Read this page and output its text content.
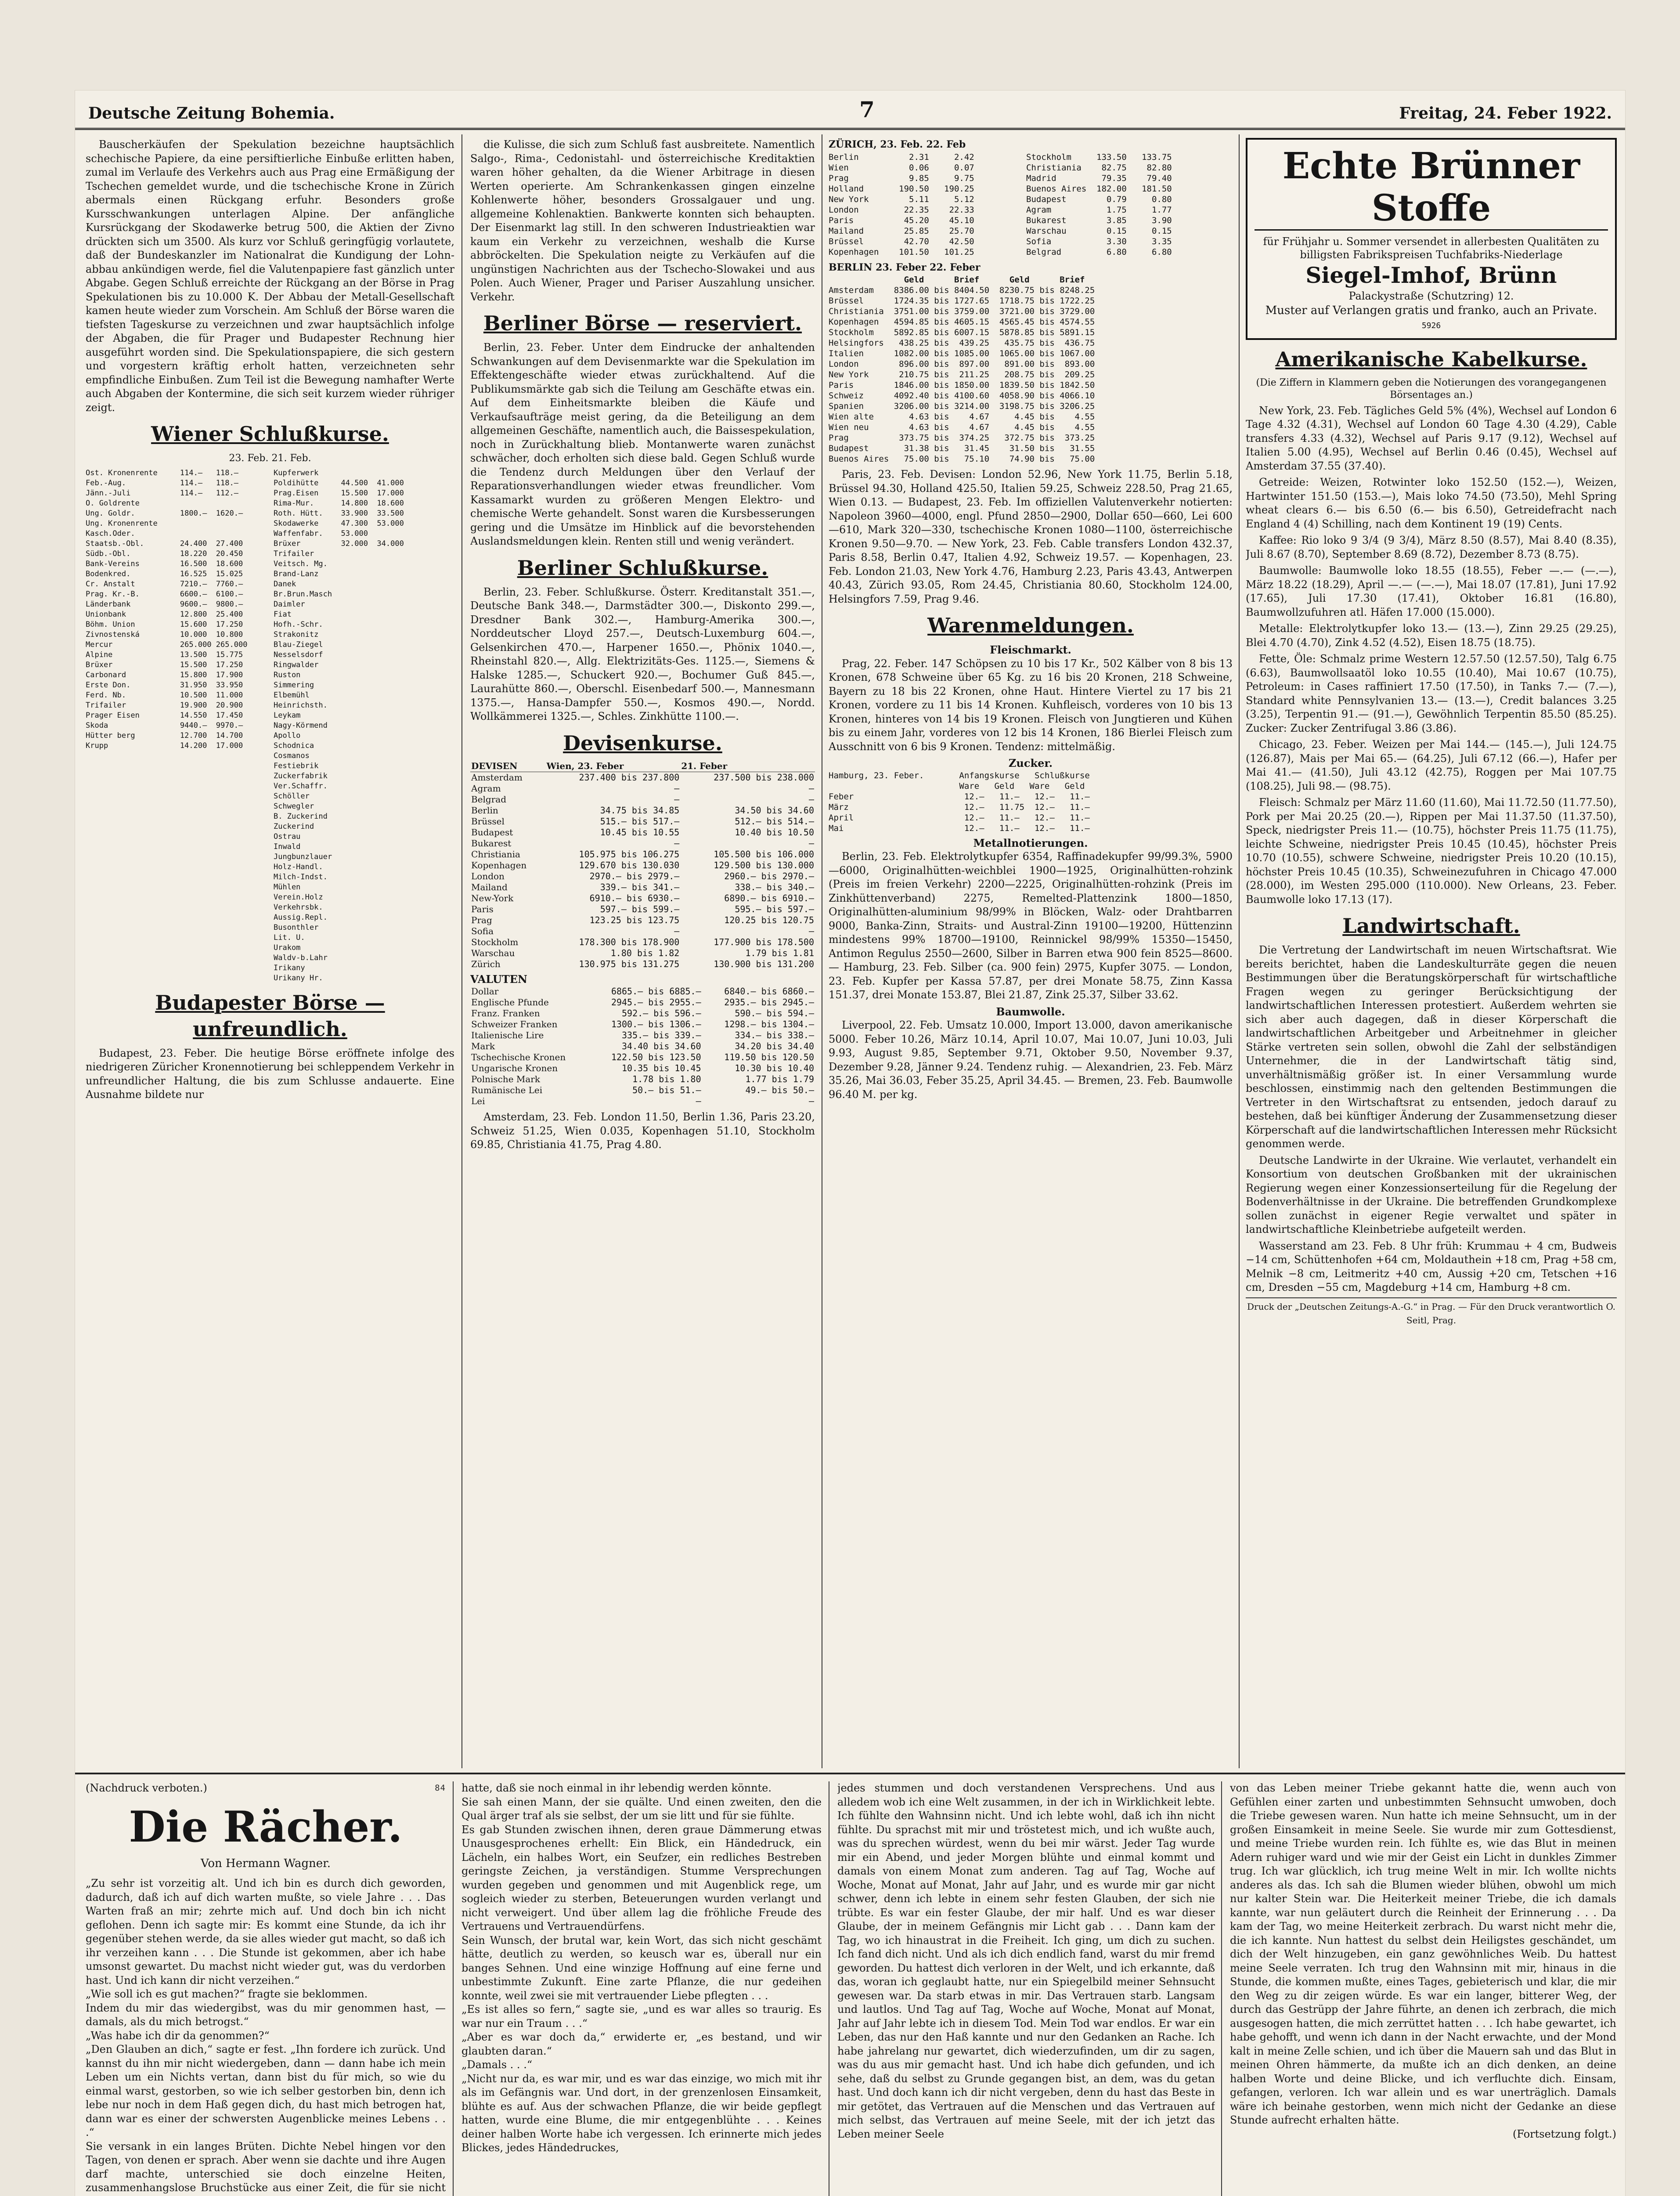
Deutsche Zeitung Bohemia.	7	Freitag, 24. Feber 1922.

Bauscherkäufen der Spekulation bezeichne hauptsächlich schechische Papiere, da eine persiftierliche Einbuße erlitten haben, zumal im Verlaufe des Verkehrs auch aus Prag eine Ermäßigung der Tschechen gemeldet wurde, und die tschechische Krone in Zürich abermals einen Rückgang erfuhr. Besonders große Kursschwankungen unterlagen Alpine. Der anfängliche Kursrückgang der Skodawerke betrug 500, die Aktien der Zivno drückten sich um 3500. Als kurz vor Schluß geringfügig vorlautete, daß der Bundeskanzler im Nationalrat die Kundigung der Lohn-abbau ankündigen werde, fiel die Valutenpapiere fast gänzlich unter Abgabe. Gegen Schluß erreichte der Rückgang an der Börse in Prag Spekulationen bis zu 10.000 K. Der Abbau der Metall-Gesellschaft kamen heute wieder zum Vorschein. Am Schluß der Börse waren die tiefsten Tageskurse zu verzeichnen und zwar hauptsächlich infolge der Abgaben, die für Prager und Budapester Rechnung hier ausgeführt worden sind. Die Spekulationspapiere, die sich gestern und vorgestern kräftig erholt hatten, verzeichneten sehr empfindliche Einbußen. Zum Teil ist die Bewegung namhafter Werte auch Abgaben der Kontermine, die sich seit kurzem wieder rühriger zeigt.

Wiener Schlußkurse.
23. Feb. 21. Feb.
Ost. Kronenrente     114.—   118.—
Feb.-Aug.            114.—   118.—
Jänn.-Juli           114.—   112.—
O. Goldrente
Ung. Goldr.          1800.—  1620.—
Ung. Kronenrente
Kasch.Oder.
Staatsb.-Obl.        24.400  27.400
Südb.-Obl.           18.220  20.450
Bank-Vereins         16.500  18.600
Bodenkred.           16.525  15.025
Cr. Anstalt          7210.—  7760.—
Prag. Kr.-B.         6600.—  6100.—
Länderbank           9600.—  9800.—
Unionbank            12.800  25.400
Böhm. Union          15.600  17.250
Zivnostenská         10.000  10.800
Mercur               265.000 265.000
Alpine               13.500  15.775
Brüxer               15.500  17.250
Carbonard            15.800  17.900
Erste Don.           31.950  33.950
Ferd. Nb.            10.500  11.000
Trifailer            19.900  20.900
Prager Eisen         14.550  17.450
Skoda                9440.—  9970.—
Hütter berg          12.700  14.700
Krupp                14.200  17.000
Kupferwerk
Poldihütte     44.500  41.000
Prag.Eisen     15.500  17.000
Rima-Mur.      14.800  18.600
Roth. Hütt.    33.900  33.500
Skodawerke     47.300  53.000
Waffenfabr.    53.000
Brüxer         32.000  34.000
Trifailer
Veitsch. Mg.
Brand-Lanz
Danek
Br.Brun.Masch
Daimler
Fiat
Hofh.-Schr.
Strakonitz
Blau-Ziegel
Nesselsdorf
Ringwalder
Ruston
Simmering
Elbemühl
Heinrichsth.
Leykam
Nagy-Körmend
Apollo
Schodnica
Cosmanos
Festiebrik
Zuckerfabrik
Ver.Schaffr.
Schöller
Schwegler
B. Zuckerind
Zuckerind
Ostrau
Inwald
Jungbunzlauer
Holz-Handl.
Milch-Indst.
Mühlen
Verein.Holz
Verkehrsbk.
Aussig.Repl.
Busonthler
Lit. U.
Urakom
Waldv-b.Lahr
Irikany
Urikany Hr.
Budapester Börse — unfreundlich.

Budapest, 23. Feber. Die heutige Börse eröffnete infolge des niedrigeren Züricher Kronennotierung bei schleppendem Verkehr in unfreundlicher Haltung, die bis zum Schlusse andauerte. Eine Ausnahme bildete nur

die Kulisse, die sich zum Schluß fast ausbreitete. Namentlich Salgo-, Rima-, Cedonistahl- und österreichische Kreditaktien waren höher gehalten, da die Wiener Arbitrage in diesen Werten operierte. Am Schrankenkassen gingen einzelne Kohlenwerte höher, besonders Grossalgauer und ung. allgemeine Kohlenaktien. Bankwerte konnten sich behaupten. Der Eisenmarkt lag still. In den schweren Industrieaktien war kaum ein Verkehr zu verzeichnen, weshalb die Kurse abbröckelten. Die Spekulation neigte zu Verkäufen auf die ungünstigen Nachrichten aus der Tschecho-Slowakei und aus Polen. Auch Wiener, Prager und Pariser Auszahlung unsicher. Verkehr.

Berliner Börse — reserviert.

Berlin, 23. Feber. Unter dem Eindrucke der anhaltenden Schwankungen auf dem Devisenmarkte war die Spekulation im Effektengeschäfte wieder etwas zurückhaltend. Auf die Publikumsmärkte gab sich die Teilung am Geschäfte etwas ein. Auf dem Einheitsmarkte bleiben die Käufe und Verkaufsaufträge meist gering, da die Beteiligung an dem allgemeinen Geschäfte, namentlich auch, die Baissespekulation, noch in Zurückhaltung blieb. Montanwerte waren zunächst schwächer, doch erholten sich diese bald. Gegen Schluß wurde die Tendenz durch Meldungen über den Verlauf der Reparationsverhandlungen wieder etwas freundlicher. Vom Kassamarkt wurden zu größeren Mengen Elektro- und chemische Werte gehandelt. Sonst waren die Kursbesserungen gering und die Umsätze im Hinblick auf die bevorstehenden Auslandsmeldungen klein. Renten still und wenig verändert.

Berliner Schlußkurse.

Berlin, 23. Feber. Schlußkurse. Österr. Kreditanstalt 351.—, Deutsche Bank 348.—, Darmstädter 300.—, Diskonto 299.—, Dresdner Bank 302.—, Hamburg-Amerika 300.—, Norddeutscher Lloyd 257.—, Deutsch-Luxemburg 604.—, Gelsenkirchen 470.—, Harpener 1650.—, Phönix 1040.—, Rheinstahl 820.—, Allg. Elektrizitäts-Ges. 1125.—, Siemens & Halske 1285.—, Schuckert 920.—, Bochumer Guß 845.—, Laurahütte 860.—, Oberschl. Eisenbedarf 500.—, Mannesmann 1375.—, Hansa-Dampfer 550.—, Kosmos 490.—, Nordd. Wollkämmerei 1325.—, Schles. Zinkhütte 1100.—.

Devisenkurse.
DEVISEN	Wien, 23. Feber	21. Feber
Amsterdam	237.400 bis 237.800	237.500 bis 238.000
Agram	—	—
Belgrad	—	—
Berlin	34.75 bis 34.85	34.50 bis 34.60
Brüssel	515.— bis 517.—	512.— bis 514.—
Budapest	10.45 bis 10.55	10.40 bis 10.50
Bukarest	—	—
Christiania	105.975 bis 106.275	105.500 bis 106.000
Kopenhagen	129.670 bis 130.030	129.500 bis 130.000
London	2970.— bis 2979.—	2960.— bis 2970.—
Mailand	339.— bis 341.—	338.— bis 340.—
New-York	6910.— bis 6930.—	6890.— bis 6910.—
Paris	597.— bis 599.—	595.— bis 597.—
Prag	123.25 bis 123.75	120.25 bis 120.75
Sofia	—	—
Stockholm	178.300 bis 178.900	177.900 bis 178.500
Warschau	1.80 bis 1.82	1.79 bis 1.81
Zürich	130.975 bis 131.275	130.900 bis 131.200
VALUTEN
Dollar	6865.— bis 6885.—	6840.— bis 6860.—
Englische Pfunde	2945.— bis 2955.—	2935.— bis 2945.—
Franz. Franken	592.— bis 596.—	590.— bis 594.—
Schweizer Franken	1300.— bis 1306.—	1298.— bis 1304.—
Italienische Lire	335.— bis 339.—	334.— bis 338.—
Mark	34.40 bis 34.60	34.20 bis 34.40
Tschechische Kronen	122.50 bis 123.50	119.50 bis 120.50
Ungarische Kronen	10.35 bis 10.45	10.30 bis 10.40
Polnische Mark	1.78 bis 1.80	1.77 bis 1.79
Rumänische Lei	50.— bis 51.—	49.— bis 50.—
Lei	—	—

Amsterdam, 23. Feb. London 11.50, Berlin 1.36, Paris 23.20, Schweiz 51.25, Wien 0.035, Kopenhagen 51.10, Stockholm 69.85, Christiania 41.75, Prag 4.80.

ZÜRICH, 23. Feb. 22. Feb
Berlin          2.31     2.42
Wien            0.06     0.07
Prag            9.85     9.75
Holland       190.50   190.25
New York        5.11     5.12
London         22.35    22.33
Paris          45.20    45.10
Mailand        25.85    25.70
Brüssel        42.70    42.50
Kopenhagen    101.50   101.25
Stockholm     133.50   133.75
Christiania    82.75    82.80
Madrid         79.35    79.40
Buenos Aires  182.00   181.50
Budapest        0.79     0.80
Agram           1.75     1.77
Bukarest        3.85     3.90
Warschau        0.15     0.15
Sofia           3.30     3.35
Belgrad         6.80     6.80
BERLIN 23. Feber 22. Feber
Geld      Brief      Geld      Brief
Amsterdam    8386.00 bis 8404.50  8230.75 bis 8248.25
Brüssel      1724.35 bis 1727.65  1718.75 bis 1722.25
Christiania  3751.00 bis 3759.00  3721.00 bis 3729.00
Kopenhagen   4594.85 bis 4605.15  4565.45 bis 4574.55
Stockholm    5892.85 bis 6007.15  5878.85 bis 5891.15
Helsingfors   438.25 bis  439.25   435.75 bis  436.75
Italien      1082.00 bis 1085.00  1065.00 bis 1067.00
London        896.00 bis  897.00   891.00 bis  893.00
New York      210.75 bis  211.25   208.75 bis  209.25
Paris        1846.00 bis 1850.00  1839.50 bis 1842.50
Schweiz      4092.40 bis 4100.60  4058.90 bis 4066.10
Spanien      3206.00 bis 3214.00  3198.75 bis 3206.25
Wien alte       4.63 bis    4.67     4.45 bis    4.55
Wien neu        4.63 bis    4.67     4.45 bis    4.55
Prag          373.75 bis  374.25   372.75 bis  373.25
Budapest       31.38 bis   31.45    31.50 bis   31.55
Buenos Aires   75.00 bis   75.10    74.90 bis   75.00

Paris, 23. Feb. Devisen: London 52.96, New York 11.75, Berlin 5.18, Brüssel 94.30, Holland 425.50, Italien 59.25, Schweiz 228.50, Prag 21.65, Wien 0.13. — Budapest, 23. Feb. Im offiziellen Valutenverkehr notierten: Napoleon 3960—4000, engl. Pfund 2850—2900, Dollar 650—660, Lei 600—610, Mark 320—330, tschechische Kronen 1080—1100, österreichische Kronen 9.50—9.70. — New York, 23. Feb. Cable transfers London 432.37, Paris 8.58, Berlin 0.47, Italien 4.92, Schweiz 19.57. — Kopenhagen, 23. Feb. London 21.03, New York 4.76, Hamburg 2.23, Paris 43.43, Antwerpen 40.43, Zürich 93.05, Rom 24.45, Christiania 80.60, Stockholm 124.00, Helsingfors 7.59, Prag 9.46.

Warenmeldungen.
Fleischmarkt.

Prag, 22. Feber. 147 Schöpsen zu 10 bis 17 Kr., 502 Kälber von 8 bis 13 Kronen, 678 Schweine über 65 Kg. zu 16 bis 20 Kronen, 218 Schweine, Bayern zu 18 bis 22 Kronen, ohne Haut. Hintere Viertel zu 17 bis 21 Kronen, vordere zu 11 bis 14 Kronen. Kuhfleisch, vorderes von 10 bis 13 Kronen, hinteres von 14 bis 19 Kronen. Fleisch von Jungtieren und Kühen bis zu einem Jahr, vorderes von 12 bis 14 Kronen, 186 Bierlei Fleisch zum Ausschnitt von 6 bis 9 Kronen. Tendenz: mittelmäßig.

Zucker.
Hamburg, 23. Feber.       Anfangskurse   Schlußkurse
Ware   Geld   Ware   Geld
Feber                      12.—   11.—   12.—   11.—
März                       12.—   11.75  12.—   11.—
April                      12.—   11.—   12.—   11.—
Mai                        12.—   11.—   12.—   11.—
Metallnotierungen.

Berlin, 23. Feb. Elektrolytkupfer 6354, Raffinadekupfer 99/99.3%, 5900—6000, Originalhütten-weichblei 1900—1925, Originalhütten-rohzink (Preis im freien Verkehr) 2200—2225, Originalhütten-rohzink (Preis im Zinkhüttenverband) 2275, Remelted-Plattenzink 1800—1850, Originalhütten-aluminium 98/99% in Blöcken, Walz- oder Drahtbarren 9000, Banka-Zinn, Straits- und Austral-Zinn 19100—19200, Hüttenzinn mindestens 99% 18700—19100, Reinnickel 98/99% 15350—15450, Antimon Regulus 2550—2600, Silber in Barren etwa 900 fein 8525—8600. — Hamburg, 23. Feb. Silber (ca. 900 fein) 2975, Kupfer 3075. — London, 23. Feb. Kupfer per Kassa 57.87, per drei Monate 58.75, Zinn Kassa 151.37, drei Monate 153.87, Blei 21.87, Zink 25.37, Silber 33.62.

Baumwolle.

Liverpool, 22. Feb. Umsatz 10.000, Import 13.000, davon amerikanische 5000. Feber 10.26, März 10.14, April 10.07, Mai 10.07, Juni 10.03, Juli 9.93, August 9.85, September 9.71, Oktober 9.50, November 9.37, Dezember 9.28, Jänner 9.24. Tendenz ruhig. — Alexandrien, 23. Feb. März 35.26, Mai 36.03, Feber 35.25, April 34.45. — Bremen, 23. Feb. Baumwolle 96.40 M. per kg.

Echte Brünner Stoffe
für Frühjahr u. Sommer versendet in allerbesten Qualitäten zu billigsten Fabrikspreisen Tuchfabriks-Niederlage
Siegel-Imhof, Brünn
Palackystraße (Schutzring) 12.
Muster auf Verlangen gratis und franko, auch an Private. 5926
Amerikanische Kabelkurse.
(Die Ziffern in Klammern geben die Notierungen des vorangegangenen Börsentages an.)

New York, 23. Feb. Tägliches Geld 5% (4%), Wechsel auf London 6 Tage 4.32 (4.31), Wechsel auf London 60 Tage 4.30 (4.29), Cable transfers 4.33 (4.32), Wechsel auf Paris 9.17 (9.12), Wechsel auf Italien 5.00 (4.95), Wechsel auf Berlin 0.46 (0.45), Wechsel auf Amsterdam 37.55 (37.40).

Getreide: Weizen, Rotwinter loko 152.50 (152.—), Weizen, Hartwinter 151.50 (153.—), Mais loko 74.50 (73.50), Mehl Spring wheat clears 6.— bis 6.50 (6.— bis 6.50), Getreidefracht nach England 4 (4) Schilling, nach dem Kontinent 19 (19) Cents.

Kaffee: Rio loko 9 3/4 (9 3/4), März 8.50 (8.57), Mai 8.40 (8.35), Juli 8.67 (8.70), September 8.69 (8.72), Dezember 8.73 (8.75).

Baumwolle: Baumwolle loko 18.55 (18.55), Feber —.— (—.—), März 18.22 (18.29), April —.— (—.—), Mai 18.07 (17.81), Juni 17.92 (17.65), Juli 17.30 (17.41), Oktober 16.81 (16.80), Baumwollzufuhren atl. Häfen 17.000 (15.000).

Metalle: Elektrolytkupfer loko 13.— (13.—), Zinn 29.25 (29.25), Blei 4.70 (4.70), Zink 4.52 (4.52), Eisen 18.75 (18.75).

Fette, Öle: Schmalz prime Western 12.57.50 (12.57.50), Talg 6.75 (6.63), Baumwollsaatöl loko 10.55 (10.40), Mai 10.67 (10.75), Petroleum: in Cases raffiniert 17.50 (17.50), in Tanks 7.— (7.—), Standard white Pennsylvanien 13.— (13.—), Credit balances 3.25 (3.25), Terpentin 91.— (91.—), Gewöhnlich Terpentin 85.50 (85.25). Zucker: Zucker Zentrifugal 3.86 (3.86).

Chicago, 23. Feber. Weizen per Mai 144.— (145.—), Juli 124.75 (126.87), Mais per Mai 65.— (64.25), Juli 67.12 (66.—), Hafer per Mai 41.— (41.50), Juli 43.12 (42.75), Roggen per Mai 107.75 (108.25), Juli 98.— (98.75).

Fleisch: Schmalz per März 11.60 (11.60), Mai 11.72.50 (11.77.50), Pork per Mai 20.25 (20.—), Rippen per Mai 11.37.50 (11.37.50), Speck, niedrigster Preis 11.— (10.75), höchster Preis 11.75 (11.75), leichte Schweine, niedrigster Preis 10.45 (10.45), höchster Preis 10.70 (10.55), schwere Schweine, niedrigster Preis 10.20 (10.15), höchster Preis 10.45 (10.35), Schweinezufuhren in Chicago 47.000 (28.000), im Westen 295.000 (110.000). New Orleans, 23. Feber. Baumwolle loko 17.13 (17).

Landwirtschaft.

Die Vertretung der Landwirtschaft im neuen Wirtschaftsrat. Wie bereits berichtet, haben die Landeskulturräte gegen die neuen Bestimmungen über die Beratungskörperschaft für wirtschaftliche Fragen wegen zu geringer Berücksichtigung der landwirtschaftlichen Interessen protestiert. Außerdem wehrten sie sich aber auch dagegen, daß in dieser Körperschaft die landwirtschaftlichen Arbeitgeber und Arbeitnehmer in gleicher Stärke vertreten sein sollen, obwohl die Zahl der selbständigen Unternehmer, die in der Landwirtschaft tätig sind, unverhältnismäßig größer ist. In einer Versammlung wurde beschlossen, einstimmig nach den geltenden Bestimmungen die Vertreter in den Wirtschaftsrat zu entsenden, jedoch darauf zu bestehen, daß bei künftiger Änderung der Zusammensetzung dieser Körperschaft auf die landwirtschaftlichen Interessen mehr Rücksicht genommen werde.

Deutsche Landwirte in der Ukraine. Wie verlautet, verhandelt ein Konsortium von deutschen Großbanken mit der ukrainischen Regierung wegen einer Konzessionserteilung für die Regelung der Bodenverhältnisse in der Ukraine. Die betreffenden Grundkomplexe sollen zunächst in eigener Regie verwaltet und später in landwirtschaftliche Kleinbetriebe aufgeteilt werden.

Wasserstand am 23. Feb. 8 Uhr früh: Krummau + 4 cm, Budweis −14 cm, Schüttenhofen +64 cm, Moldauthein +18 cm, Prag +58 cm, Melnik −8 cm, Leitmeritz +40 cm, Aussig +20 cm, Tetschen +16 cm, Dresden −55 cm, Magdeburg +14 cm, Hamburg +8 cm.

Druck der „Deutschen Zeitungs-A.-G.“ in Prag. — Für den Druck verantwortlich O. Seitl, Prag.
(Nachdruck verboten.)	84
Die Rächer.
Von Hermann Wagner.
„Zu sehr ist vorzeitig alt. Und ich bin es durch dich geworden, dadurch, daß ich auf dich warten mußte, so viele Jahre . . . Das Warten fraß an mir; zehrte mich auf. Und doch bin ich nicht geflohen. Denn ich sagte mir: Es kommt eine Stunde, da ich ihr gegenüber stehen werde, da sie alles wieder gut macht, so daß ich ihr verzeihen kann . . . Die Stunde ist gekommen, aber ich habe umsonst gewartet. Du machst nicht wieder gut, was du verdorben hast. Und ich kann dir nicht verzeihen.“
„Wie soll ich es gut machen?“ fragte sie beklommen.
Indem du mir das wiedergibst, was du mir genommen hast, — damals, als du mich betrogst.“
„Was habe ich dir da genommen?“
„Den Glauben an dich,“ sagte er fest. „Ihn fordere ich zurück. Und kannst du ihn mir nicht wiedergeben, dann — dann habe ich mein Leben um ein Nichts vertan, dann bist du für mich, so wie du einmal warst, gestorben, so wie ich selber gestorben bin, denn ich lebe nur noch in dem Haß gegen dich, du hast mich betrogen hat, dann war es einer der schwersten Augenblicke meines Lebens . . .“
Sie versank in ein langes Brüten. Dichte Nebel hingen vor den Tagen, von denen er sprach. Aber wenn sie dachte und ihre Augen darf machte, unterschied sie doch einzelne Heiten, zusammenhangslose Bruchstücke aus einer Zeit, die für sie nicht
hatte, daß sie noch einmal in ihr lebendig werden könnte.
Sie sah einen Mann, der sie quälte. Und einen zweiten, den die Qual ärger traf als sie selbst, der um sie litt und für sie fühlte.
Es gab Stunden zwischen ihnen, deren graue Dämmerung etwas Unausgesprochenes erhellt: Ein Blick, ein Händedruck, ein Lächeln, ein halbes Wort, ein Seufzer, ein redliches Bestreben geringste Zeichen, ja verständigen. Stumme Versprechungen wurden gegeben und genommen und mit Augenblick rege, um sogleich wieder zu sterben, Beteuerungen wurden verlangt und nicht verweigert. Und über allem lag die fröhliche Freude des Vertrauens und Vertrauendürfens.
Sein Wunsch, der brutal war, kein Wort, das sich nicht geschämt hätte, deutlich zu werden, so keusch war es, überall nur ein banges Sehnen. Und eine winzige Hoffnung auf eine ferne und unbestimmte Zukunft. Eine zarte Pflanze, die nur gedeihen konnte, weil zwei sie mit vertrauender Liebe pflegten . . .
„Es ist alles so fern,“ sagte sie, „und es war alles so traurig. Es war nur ein Traum . . .“
„Aber es war doch da,“ erwiderte er, „es bestand, und wir glaubten daran.“
„Damals . . .“
„Nicht nur da, es war mir, und es war das einzige, wo mich mit ihr als im Gefängnis war. Und dort, in der grenzenlosen Einsamkeit, blühte es auf. Aus der schwachen Pflanze, die wir beide gepflegt hatten, wurde eine Blume, die mir entgegenblühte . . . Keines deiner halben Worte habe ich vergessen. Ich erinnerte mich jedes Blickes, jedes Händedruckes,
jedes stummen und doch verstandenen Versprechens. Und aus alledem wob ich eine Welt zusammen, in der ich in Wirklichkeit lebte. Ich fühlte den Wahnsinn nicht. Und ich lebte wohl, daß ich ihn nicht fühlte. Du sprachst mit mir und tröstetest mich, und ich wußte auch, was du sprechen würdest, wenn du bei mir wärst. Jeder Tag wurde mir ein Abend, und jeder Morgen blühte und einmal kommt und damals von einem Monat zum anderen. Tag auf Tag, Woche auf Woche, Monat auf Monat, Jahr auf Jahr, und es wurde mir gar nicht schwer, denn ich lebte in einem sehr festen Glauben, der sich nie trübte. Es war ein fester Glaube, der mir half. Und es war dieser Glaube, der in meinem Gefängnis mir Licht gab . . . Dann kam der Tag, wo ich hinaustrat in die Freiheit. Ich ging, um dich zu suchen. Ich fand dich nicht. Und als ich dich endlich fand, warst du mir fremd geworden. Du hattest dich verloren in der Welt, und ich erkannte, daß das, woran ich geglaubt hatte, nur ein Spiegelbild meiner Sehnsucht gewesen war. Da starb etwas in mir. Das Vertrauen starb. Langsam und lautlos. Und Tag auf Tag, Woche auf Woche, Monat auf Monat, Jahr auf Jahr lebte ich in diesem Tod. Mein Tod war endlos. Er war ein Leben, das nur den Haß kannte und nur den Gedanken an Rache. Ich habe jahrelang nur gewartet, dich wiederzufinden, um dir zu sagen, was du aus mir gemacht hast. Und ich habe dich gefunden, und ich sehe, daß du selbst zu Grunde gegangen bist, an dem, was du getan hast. Und doch kann ich dir nicht vergeben, denn du hast das Beste in mir getötet, das Vertrauen auf die Menschen und das Vertrauen auf mich selbst, das Vertrauen auf meine Seele, mit der ich jetzt das Leben meiner Seele
von das Leben meiner Triebe gekannt hatte die, wenn auch von Gefühlen einer zarten und unbestimmten Sehnsucht umwoben, doch die Triebe gewesen waren. Nun hatte ich meine Sehnsucht, um in der großen Einsamkeit in meine Seele. Sie wurde mir zum Gottesdienst, und meine Triebe wurden rein. Ich fühlte es, wie das Blut in meinen Adern ruhiger ward und wie mir der Geist ein Licht in dunkles Zimmer trug. Ich war glücklich, ich trug meine Welt in mir. Ich wollte nichts anderes als das. Ich sah die Blumen wieder blühen, obwohl um mich nur kalter Stein war. Die Heiterkeit meiner Triebe, die ich damals kannte, war nun geläutert durch die Reinheit der Erinnerung . . . Da kam der Tag, wo meine Heiterkeit zerbrach. Du warst nicht mehr die, die ich kannte. Nun hattest du selbst dein Heiligstes geschändet, um dich der Welt hinzugeben, ein ganz gewöhnliches Weib. Du hattest meine Seele verraten. Ich trug den Wahnsinn mit mir, hinaus in die Stunde, die kommen mußte, eines Tages, gebieterisch und klar, die mir den Weg zu dir zeigen würde. Es war ein langer, bitterer Weg, der durch das Gestrüpp der Jahre führte, an denen ich zerbrach, die mich ausgesogen hatten, die mich zerrüttet hatten . . . Ich habe gewartet, ich habe gehofft, und wenn ich dann in der Nacht erwachte, und der Mond kalt in meine Zelle schien, und ich über die Mauern sah und das Blut in meinen Ohren hämmerte, da mußte ich an dich denken, an deine halben Worte und deine Blicke, und ich verfluchte dich. Einsam, gefangen, verloren. Ich war allein und es war unerträglich. Damals wäre ich beinahe gestorben, wenn mich nicht der Gedanke an diese Stunde aufrecht erhalten hätte.
(Fortsetzung folgt.)
